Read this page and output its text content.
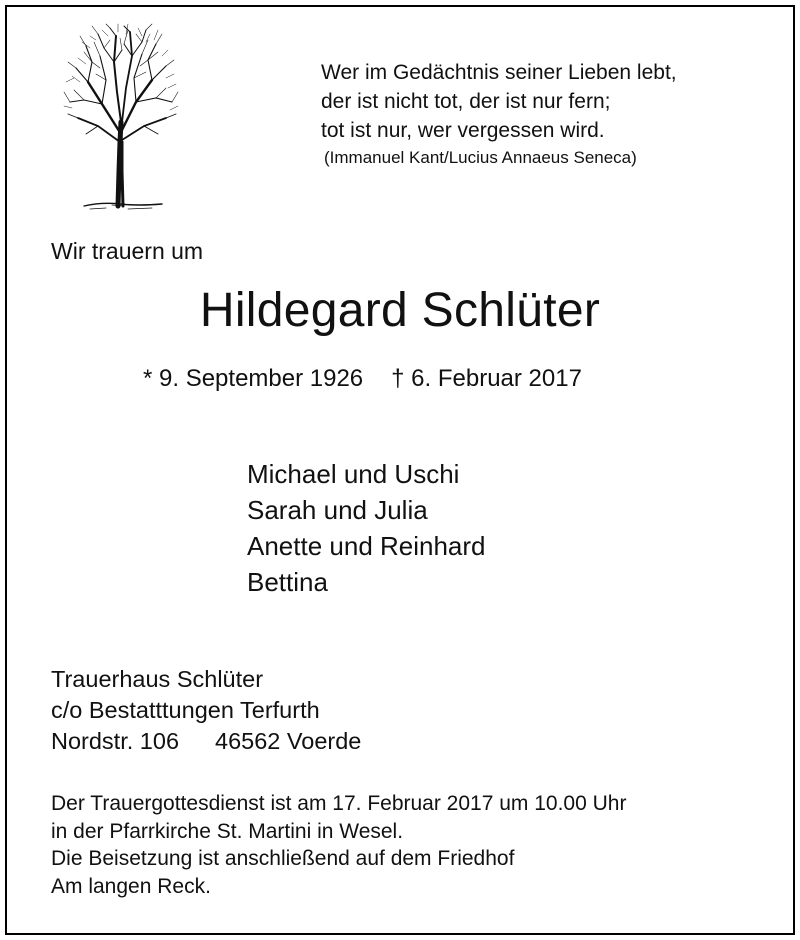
Wer im Gedächtnis seiner Lieben lebt,
der ist nicht tot, der ist nur fern;
tot ist nur, wer vergessen wird.
(Immanuel Kant/Lucius Annaeus Seneca)
Wir trauern um
Hildegard Schlüter
* 9. September 1926 † 6. Februar 2017
Michael und Uschi
Sarah und Julia
Anette und Reinhard
Bettina
Trauerhaus Schlüter
c/o Bestatttungen Terfurth
Nordstr. 106 46562 Voerde
Der Trauergottesdienst ist am 17. Februar 2017 um 10.00 Uhr
in der Pfarrkirche St. Martini in Wesel.
Die Beisetzung ist anschließend auf dem Friedhof
Am langen Reck.
